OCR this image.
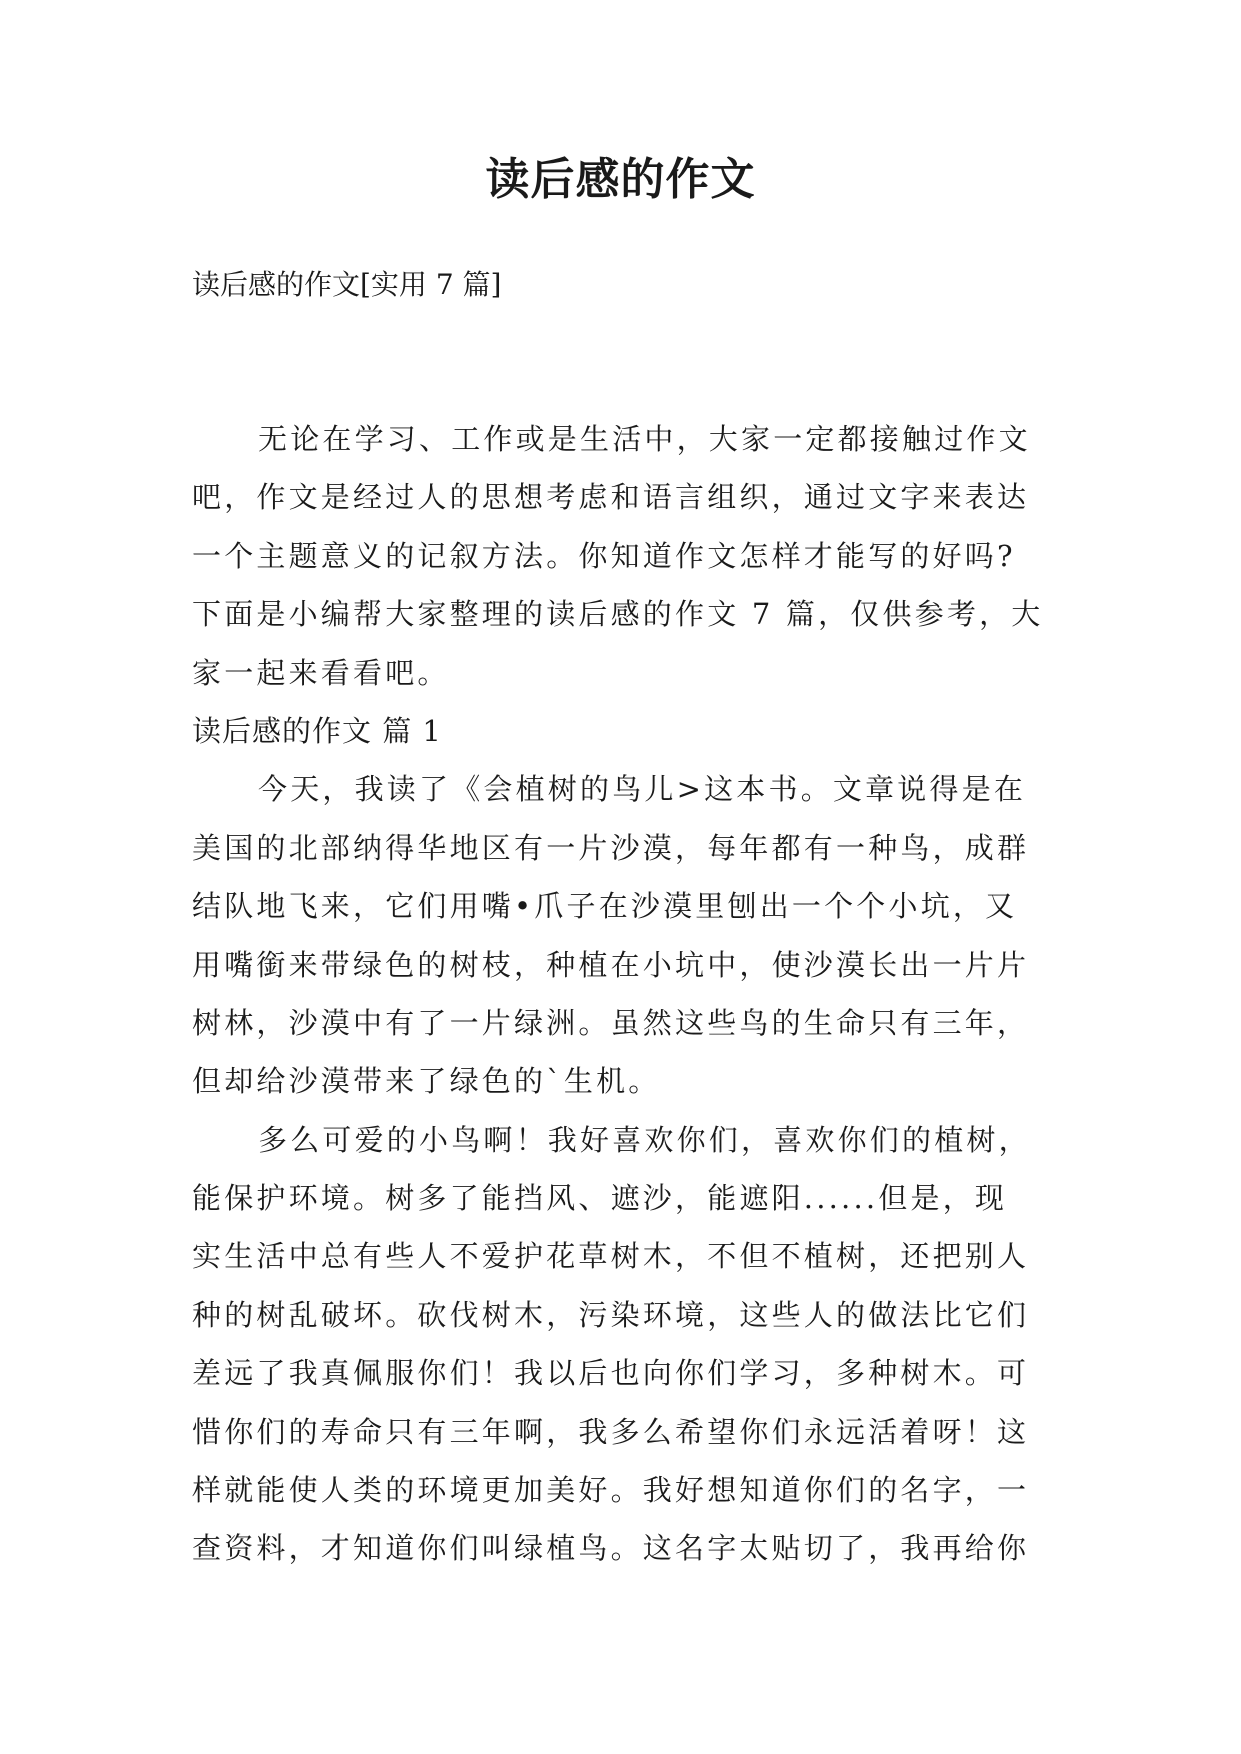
读后感的作文
读后感的作文[实用 7 篇]
无论在学习、工作或是生活中，大家一定都接触过作文
吧，作文是经过人的思想考虑和语言组织，通过文字来表达
一个主题意义的记叙方法。你知道作文怎样才能写的好吗?
下面是小编帮大家整理的读后感的作文 7 篇，仅供参考，大
家一起来看看吧。
读后感的作文 篇 1
今天，我读了《会植树的鸟儿>这本书。文章说得是在
美国的北部纳得华地区有一片沙漠，每年都有一种鸟，成群
结队地飞来，它们用嘴•爪子在沙漠里刨出一个个小坑，又
用嘴銜来带绿色的树枝，种植在小坑中，使沙漠长出一片片
树林，沙漠中有了一片绿洲。虽然这些鸟的生命只有三年，
但却给沙漠带来了绿色的`生机。
多么可爱的小鸟啊！我好喜欢你们，喜欢你们的植树，
能保护环境。树多了能挡风、遮沙，能遮阳......但是，现
实生活中总有些人不爱护花草树木，不但不植树，还把别人
种的树乱破坏。砍伐树木，污染环境，这些人的做法比它们
差远了我真佩服你们！我以后也向你们学习，多种树木。可
惜你们的寿命只有三年啊，我多么希望你们永远活着呀！这
样就能使人类的环境更加美好。我好想知道你们的名字，一
查资料，才知道你们叫绿植鸟。这名字太贴切了，我再给你
